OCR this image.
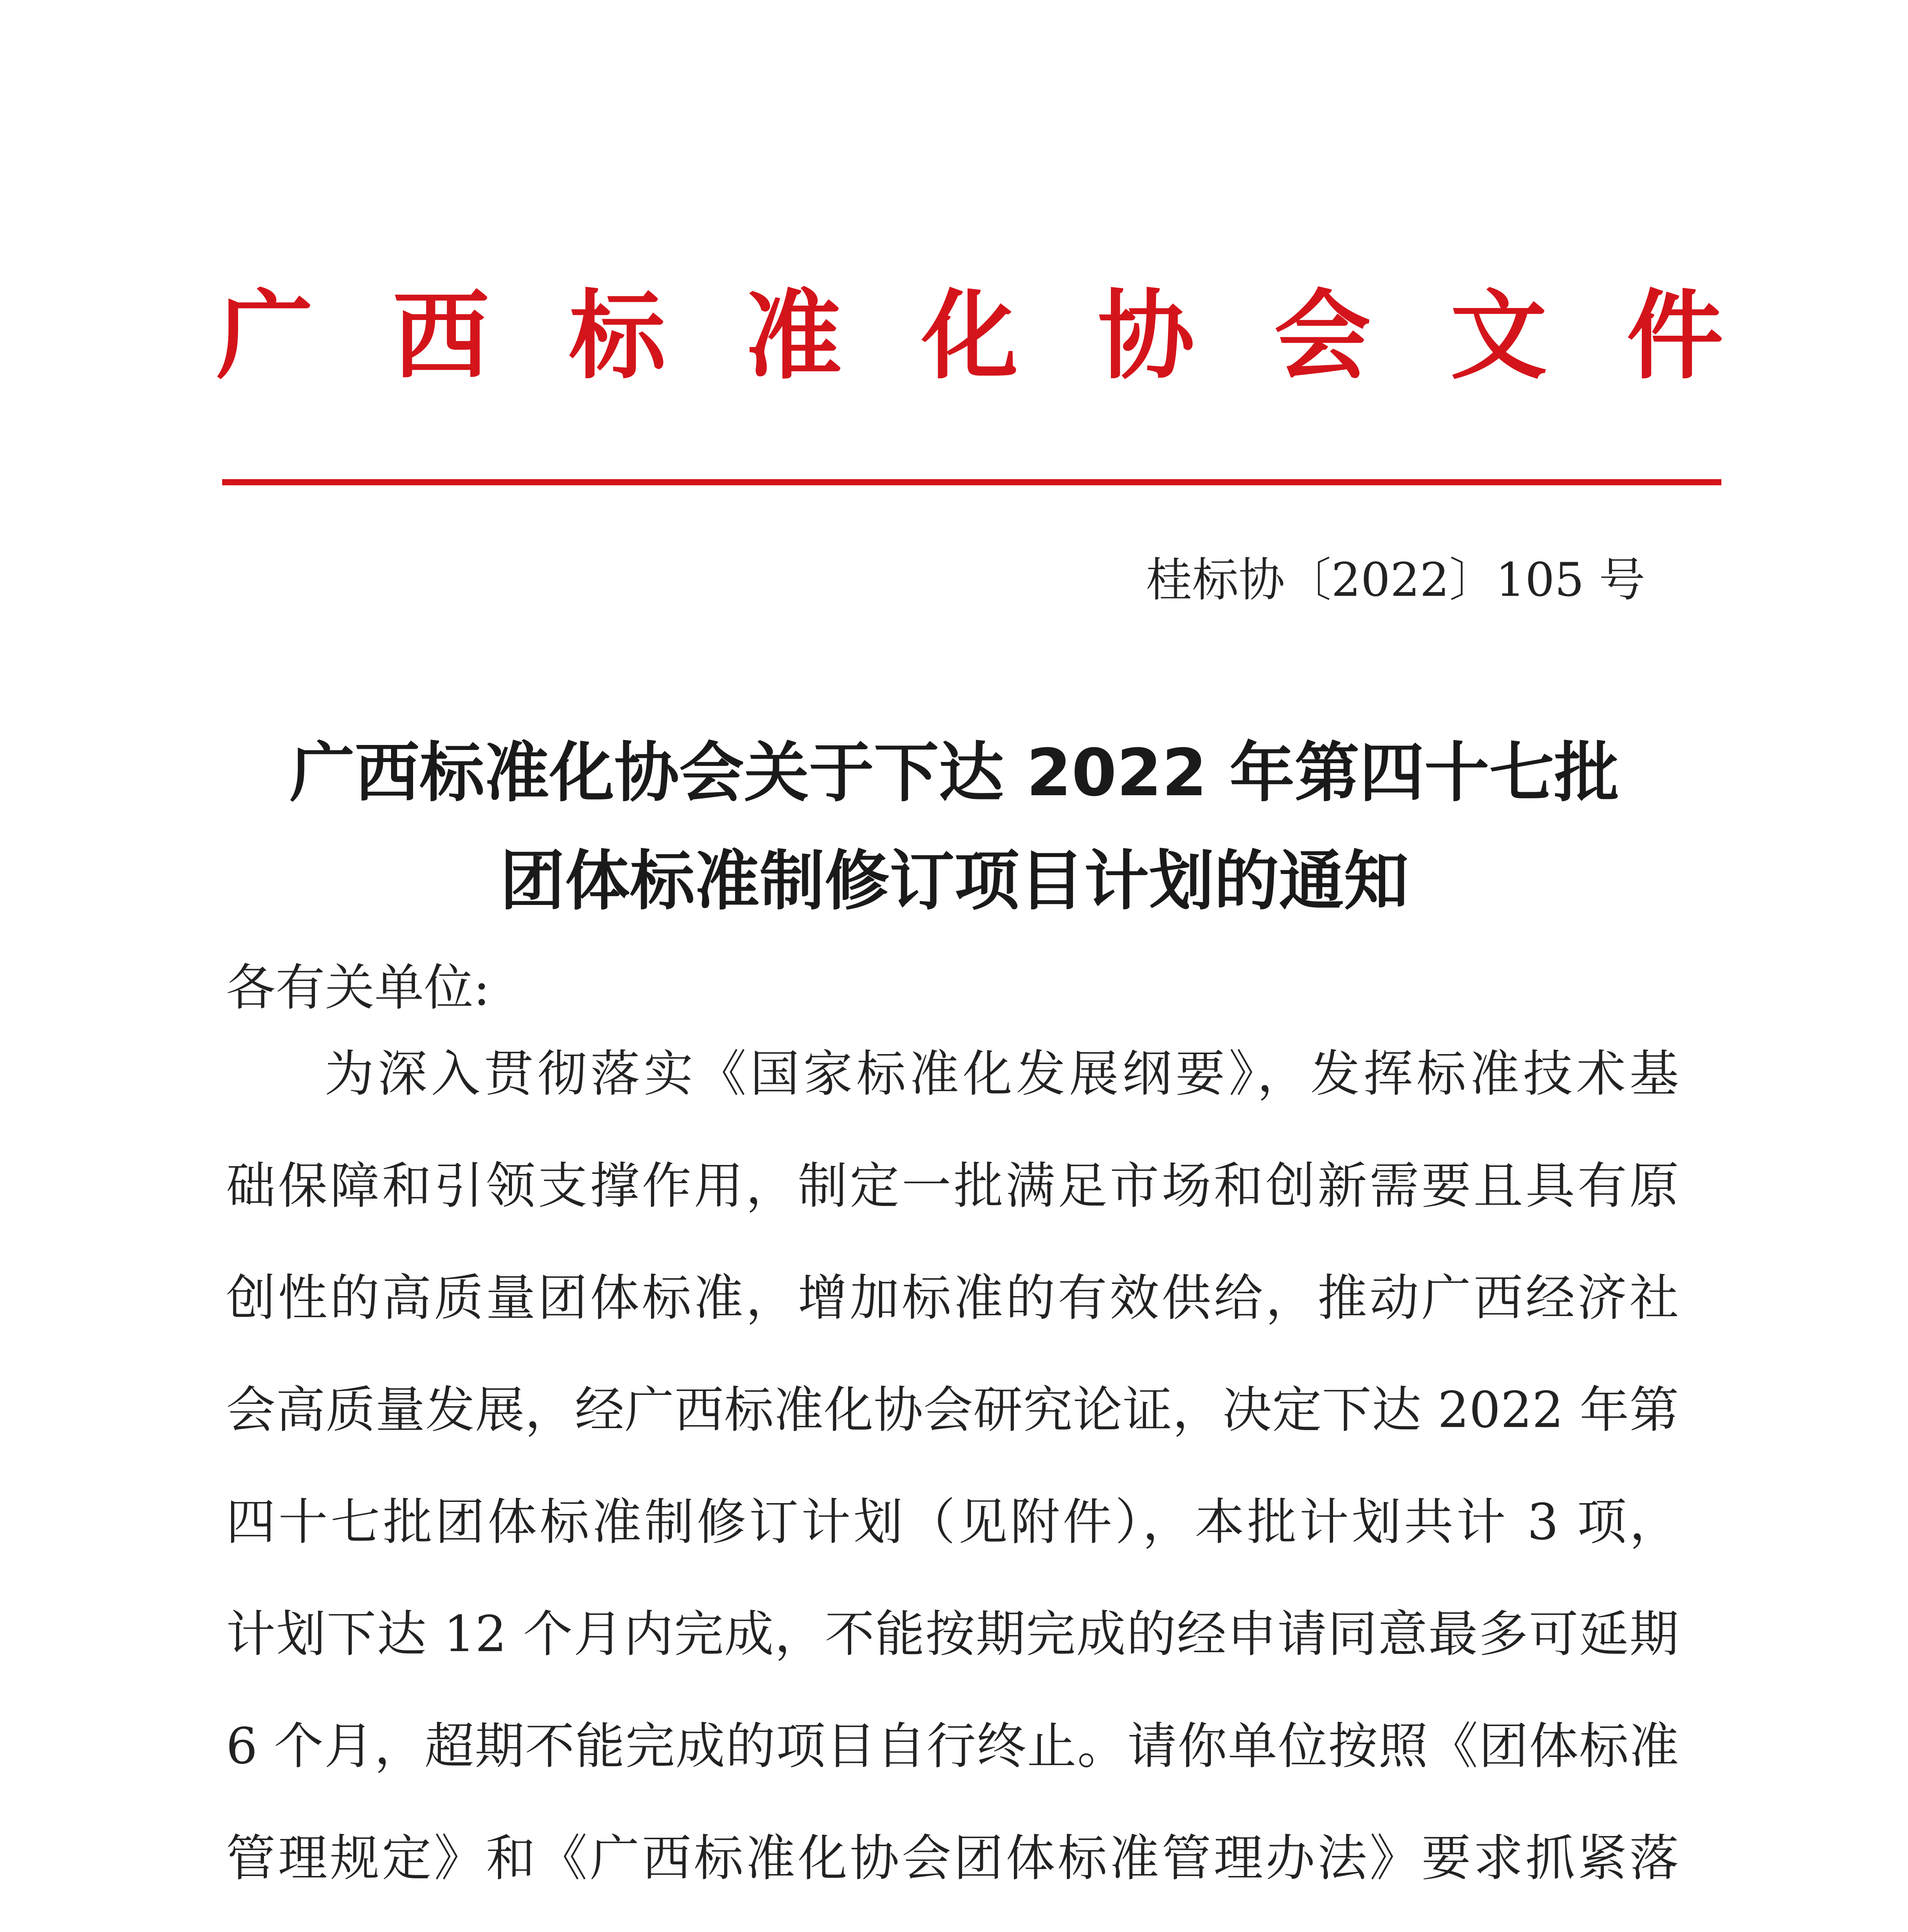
广 西 标 准 化 协 会 文 件
桂标协〔2022〕105 号
广西标准化协会关于下达 2022 年第四十七批
团体标准制修订项目计划的通知
各有关单位:
为深入贯彻落实《国家标准化发展纲要》，发挥标准技术基
础保障和引领支撑作用，制定一批满足市场和创新需要且具有原
创性的高质量团体标准，增加标准的有效供给，推动广西经济社
会高质量发展，经广西标准化协会研究论证，决定下达 2022 年第
四十七批团体标准制修订计划（见附件），本批计划共计 3 项，
计划下达 12 个月内完成，不能按期完成的经申请同意最多可延期
6 个月，超期不能完成的项目自行终止。请你单位按照《团体标准
管理规定》和《广西标准化协会团体标准管理办法》要求抓紧落
